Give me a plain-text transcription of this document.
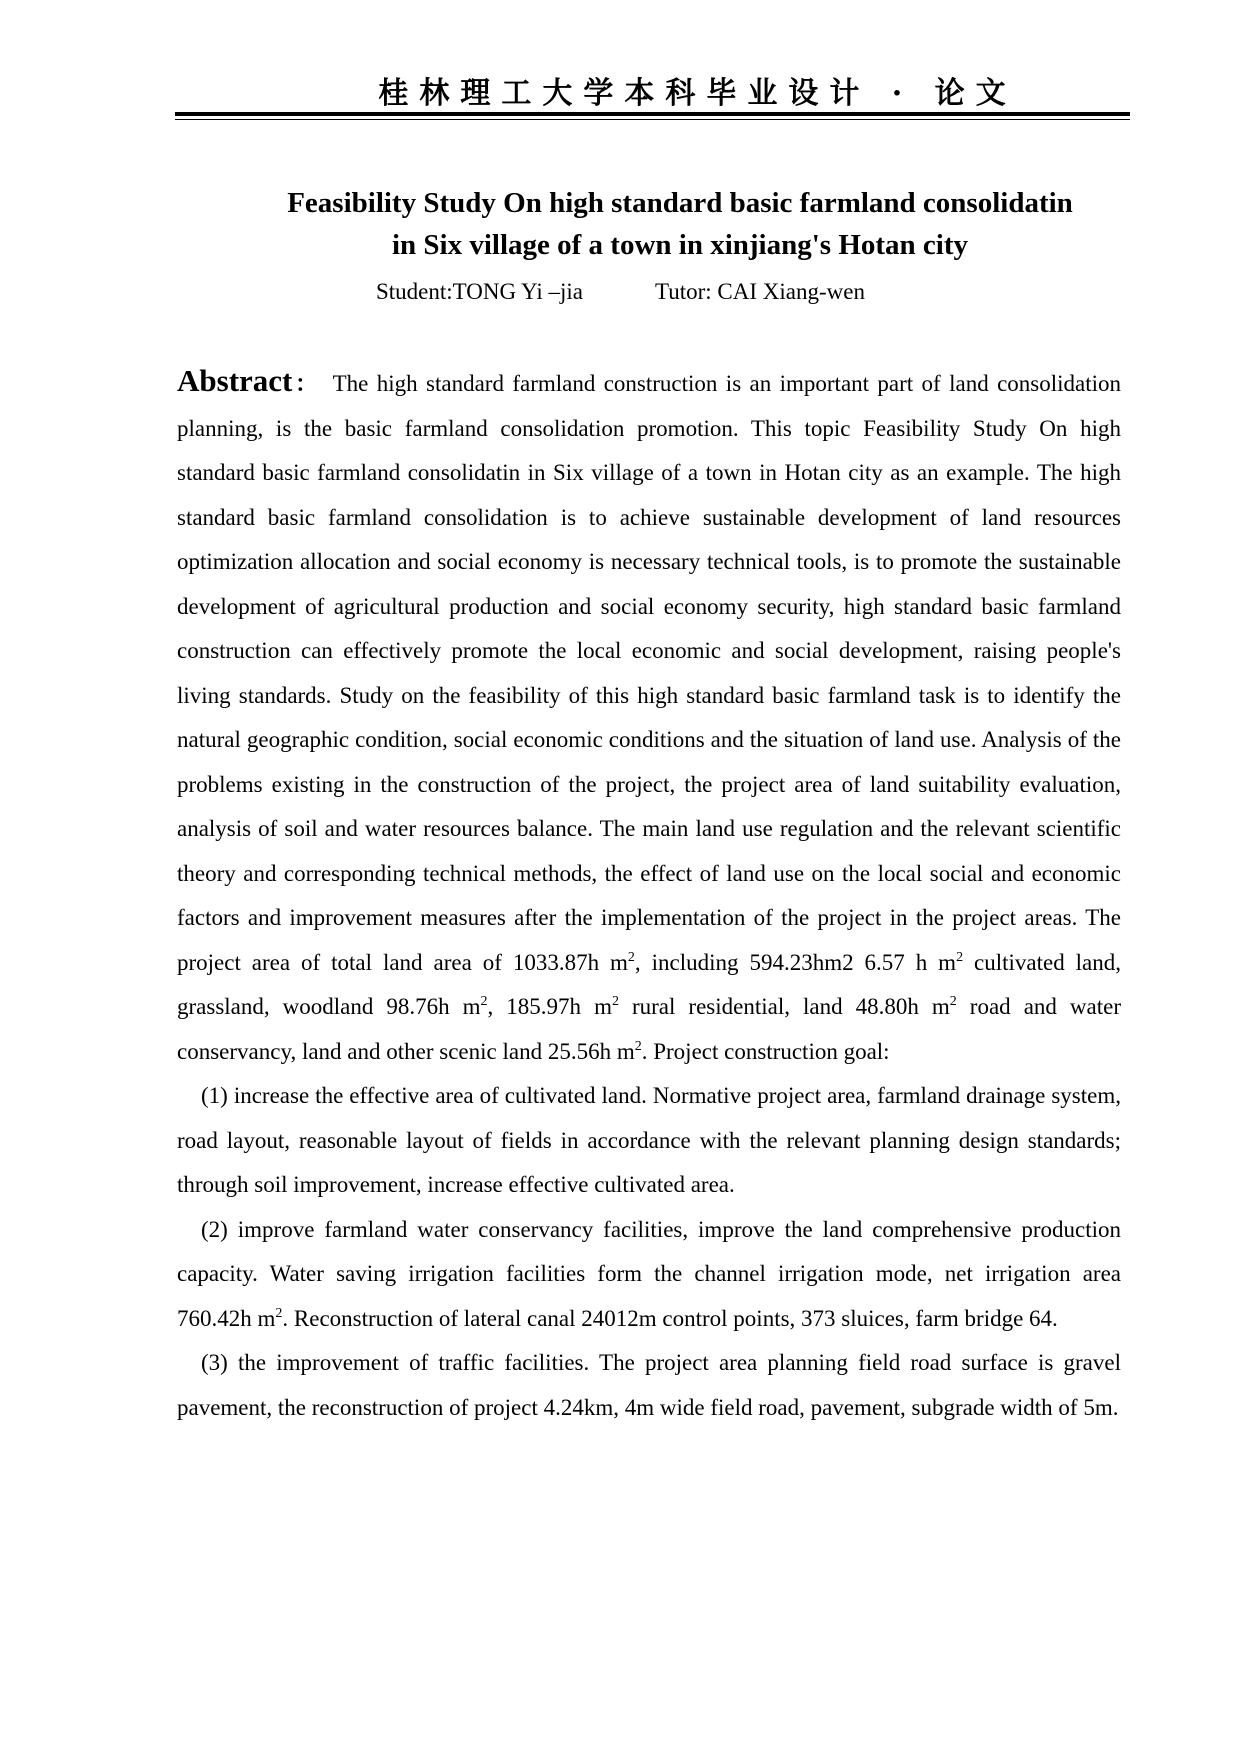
桂林理工大学本科毕业设计 · 论文
Feasibility Study On high standard basic farmland consolidatin
in Six village of a town in xinjiang's Hotan city
Student:TONG Yi –jia	Tutor: CAI Xiang-wen

Abstract： The high standard farmland construction is an important part of land consolidation planning, is the basic farmland consolidation promotion. This topic Feasibility Study On high standard basic farmland consolidatin in Six village of a town in Hotan city as an example. The high standard basic farmland consolidation is to achieve sustainable development of land resources optimization allocation and social economy is necessary technical tools, is to promote the sustainable development of agricultural production and social economy security, high standard basic farmland construction can effectively promote the local economic and social development, raising people's living standards. Study on the feasibility of this high standard basic farmland task is to identify the natural geographic condition, social economic conditions and the situation of land use. Analysis of the problems existing in the construction of the project, the project area of land suitability evaluation, analysis of soil and water resources balance. The main land use regulation and the relevant scientific theory and corresponding technical methods, the effect of land use on the local social and economic factors and improvement measures after the implementation of the project in the project areas. The project area of total land area of 1033.87h $m^2$, including 594.23hm2 6.57 h $m^2$ cultivated land, grassland, woodland 98.76h $m^2$, 185.97h $m^2$ rural residential, land 48.80h $m^2$ road and water conservancy, land and other scenic land 25.56h $m^2$. Project construction goal:

(1) increase the effective area of cultivated land. Normative project area, farmland drainage system, road layout, reasonable layout of fields in accordance with the relevant planning design standards; through soil improvement, increase effective cultivated area.

(2) improve farmland water conservancy facilities, improve the land comprehensive production capacity. Water saving irrigation facilities form the channel irrigation mode, net irrigation area 760.42h $m^2$. Reconstruction of lateral canal 24012m control points, 373 sluices, farm bridge 64.

(3) the improvement of traffic facilities. The project area planning field road surface is gravel pavement, the reconstruction of project 4.24km, 4m wide field road, pavement, subgrade width of 5m.
